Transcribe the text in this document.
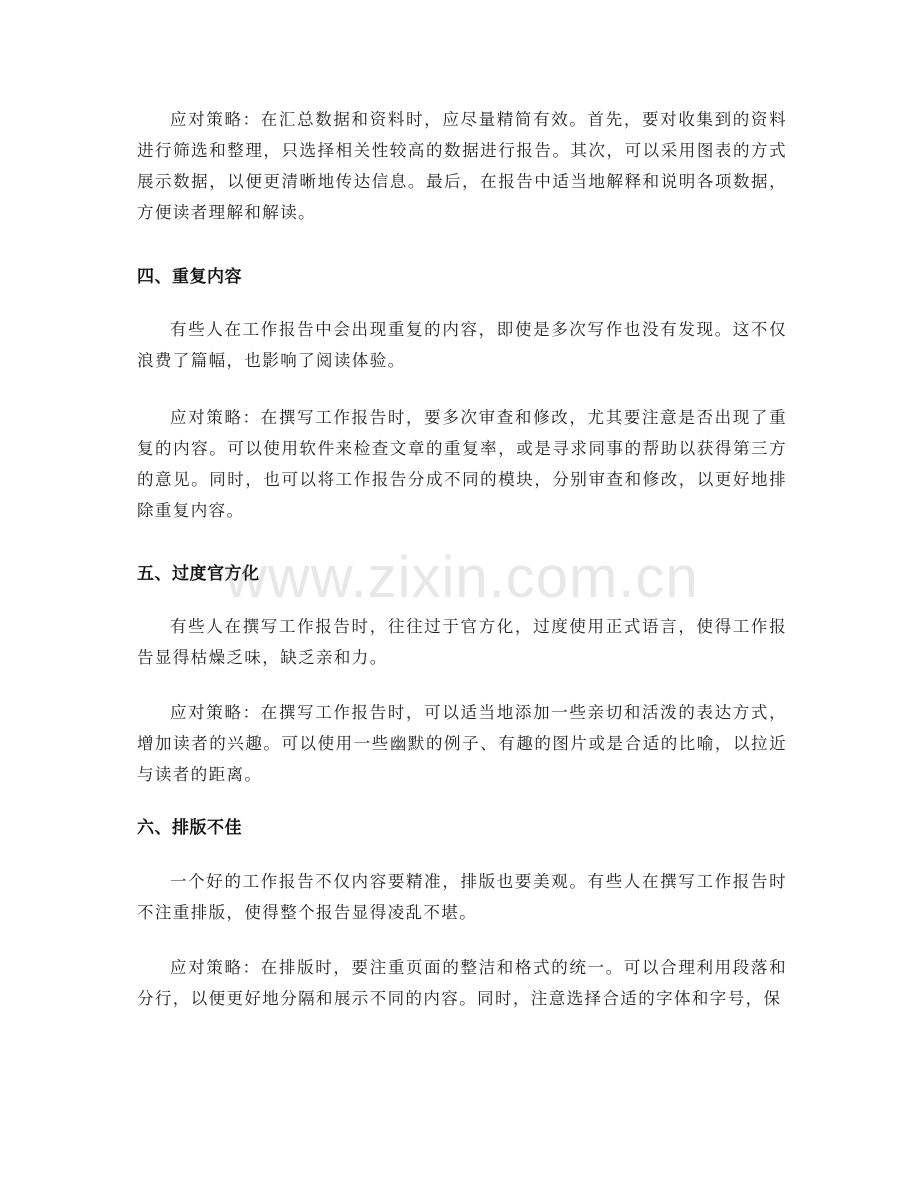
应对策略：在汇总数据和资料时，应尽量精简有效。首先，要对收集到的资料进行筛选和整理，只选择相关性较高的数据进行报告。其次，可以采用图表的方式展示数据，以便更清晰地传达信息。最后，在报告中适当地解释和说明各项数据，方便读者理解和解读。

四、重复内容

有些人在工作报告中会出现重复的内容，即使是多次写作也没有发现。这不仅浪费了篇幅，也影响了阅读体验。

应对策略：在撰写工作报告时，要多次审查和修改，尤其要注意是否出现了重复的内容。可以使用软件来检查文章的重复率，或是寻求同事的帮助以获得第三方的意见。同时，也可以将工作报告分成不同的模块，分别审查和修改，以更好地排除重复内容。

五、过度官方化

有些人在撰写工作报告时，往往过于官方化，过度使用正式语言，使得工作报告显得枯燥乏味，缺乏亲和力。

应对策略：在撰写工作报告时，可以适当地添加一些亲切和活泼的表达方式，增加读者的兴趣。可以使用一些幽默的例子、有趣的图片或是合适的比喻，以拉近与读者的距离。

六、排版不佳

一个好的工作报告不仅内容要精准，排版也要美观。有些人在撰写工作报告时不注重排版，使得整个报告显得凌乱不堪。

应对策略：在排版时，要注重页面的整洁和格式的统一。可以合理利用段落和分行，以便更好地分隔和展示不同的内容。同时，注意选择合适的字体和字号，保

www.zixin.com.cn
